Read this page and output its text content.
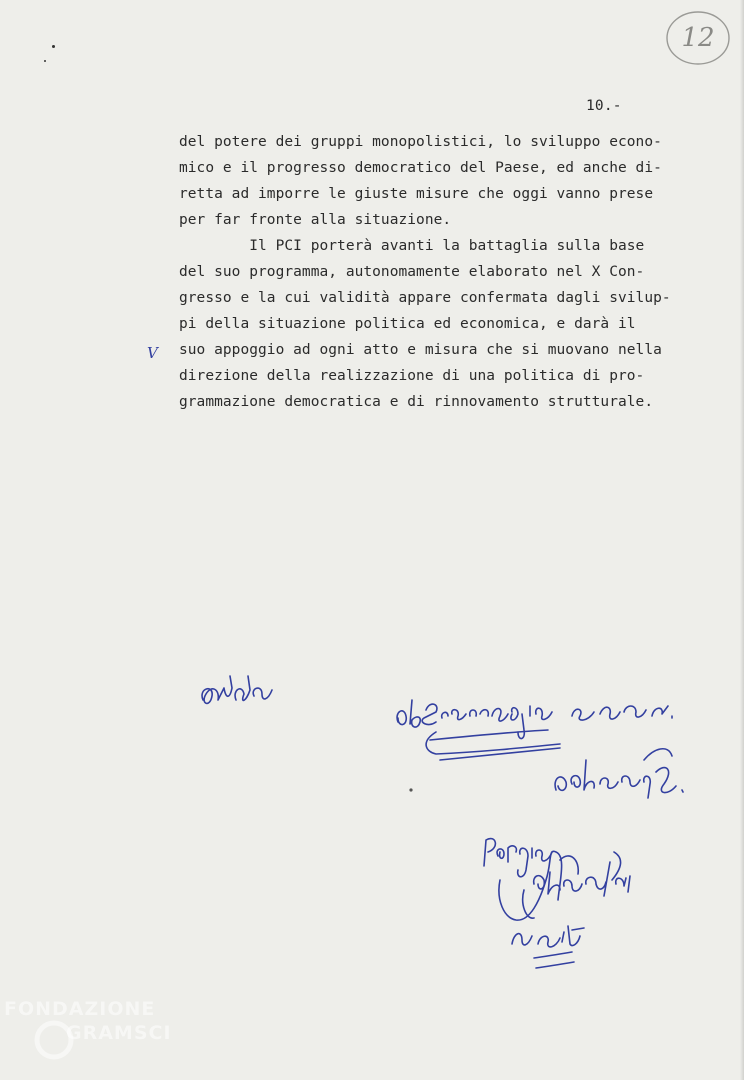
12
10.-
del potere dei gruppi monopolistici, lo sviluppo econo-
mico e il progresso democratico del Paese, ed anche di-
retta ad imporre le giuste misure che oggi vanno prese
per far fronte alla situazione.
Il PCI porterà avanti la battaglia sulla base
del suo programma, autonomamente elaborato nel X Con-
gresso e la cui validità appare confermata dagli svilup-
pi della situazione politica ed economica, e darà il
suo appoggio ad ogni atto e misura che si muovano nella
direzione della realizzazione di una politica di pro-
grammazione democratica e di rinnovamento strutturale.
V
FONDAZIONE
GRAMSCI
